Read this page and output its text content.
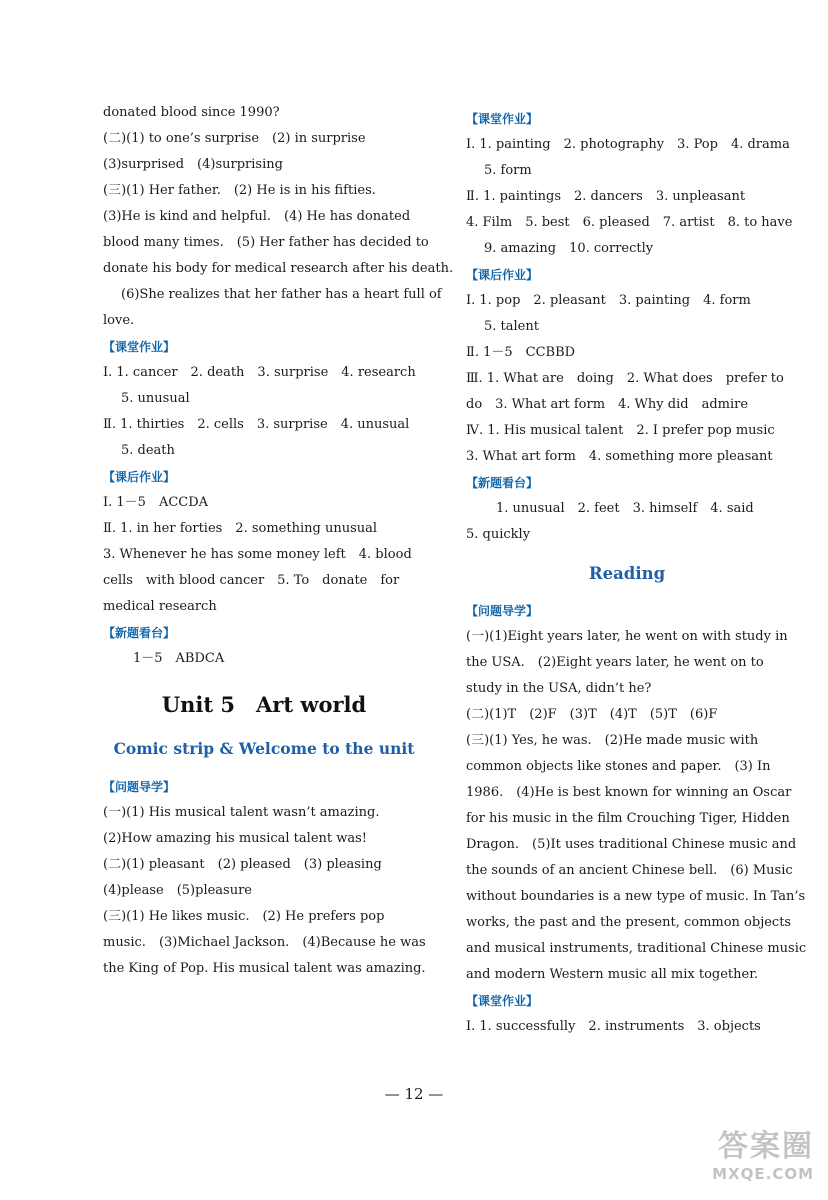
donated blood since 1990?
(二)(1) to one’s surprise　(2) in surprise
(3)surprised　(4)surprising
(三)(1) Her father.　(2) He is in his fifties.
(3)He is kind and helpful.　(4) He has donated
blood many times.　(5) Her father has decided to
donate his body for medical research after his death.
(6)She realizes that her father has a heart full of
love.
【课堂作业】
Ⅰ. 1. cancer　2. death　3. surprise　4. research
5. unusual
Ⅱ. 1. thirties　2. cells　3. surprise　4. unusual
5. death
【课后作业】
Ⅰ. 1－5　ACCDA
Ⅱ. 1. in her forties　2. something unusual
3. Whenever he has some money left　4. blood
cells　with blood cancer　5. To　donate　for
medical research
【新题看台】
1－5　ABDCA
Unit 5　Art world
Comic strip & Welcome to the unit
【问题导学】
(一)(1) His musical talent wasn’t amazing.
(2)How amazing his musical talent was!
(二)(1) pleasant　(2) pleased　(3) pleasing
(4)please　(5)pleasure
(三)(1) He likes music.　(2) He prefers pop
music.　(3)Michael Jackson.　(4)Because he was
the King of Pop. His musical talent was amazing.
【课堂作业】
Ⅰ. 1. painting　2. photography　3. Pop　4. drama
5. form
Ⅱ. 1. paintings　2. dancers　3. unpleasant
4. Film　5. best　6. pleased　7. artist　8. to have
9. amazing　10. correctly
【课后作业】
Ⅰ. 1. pop　2. pleasant　3. painting　4. form
5. talent
Ⅱ. 1－5　CCBBD
Ⅲ. 1. What are　doing　2. What does　prefer to
do　3. What art form　4. Why did　admire
Ⅳ. 1. His musical talent　2. I prefer pop music
3. What art form　4. something more pleasant
【新题看台】
1. unusual　2. feet　3. himself　4. said
5. quickly
Reading
【问题导学】
(一)(1)Eight years later, he went on with study in
the USA.　(2)Eight years later, he went on to
study in the USA, didn’t he?
(二)(1)T　(2)F　(3)T　(4)T　(5)T　(6)F
(三)(1) Yes, he was.　(2)He made music with
common objects like stones and paper.　(3) In
1986.　(4)He is best known for winning an Oscar
for his music in the film Crouching Tiger, Hidden
Dragon.　(5)It uses traditional Chinese music and
the sounds of an ancient Chinese bell.　(6) Music
without boundaries is a new type of music. In Tan’s
works, the past and the present, common objects
and musical instruments, traditional Chinese music
and modern Western music all mix together.
【课堂作业】
Ⅰ. 1. successfully　2. instruments　3. objects
— 12 —
答案圈
MXQE.COM
